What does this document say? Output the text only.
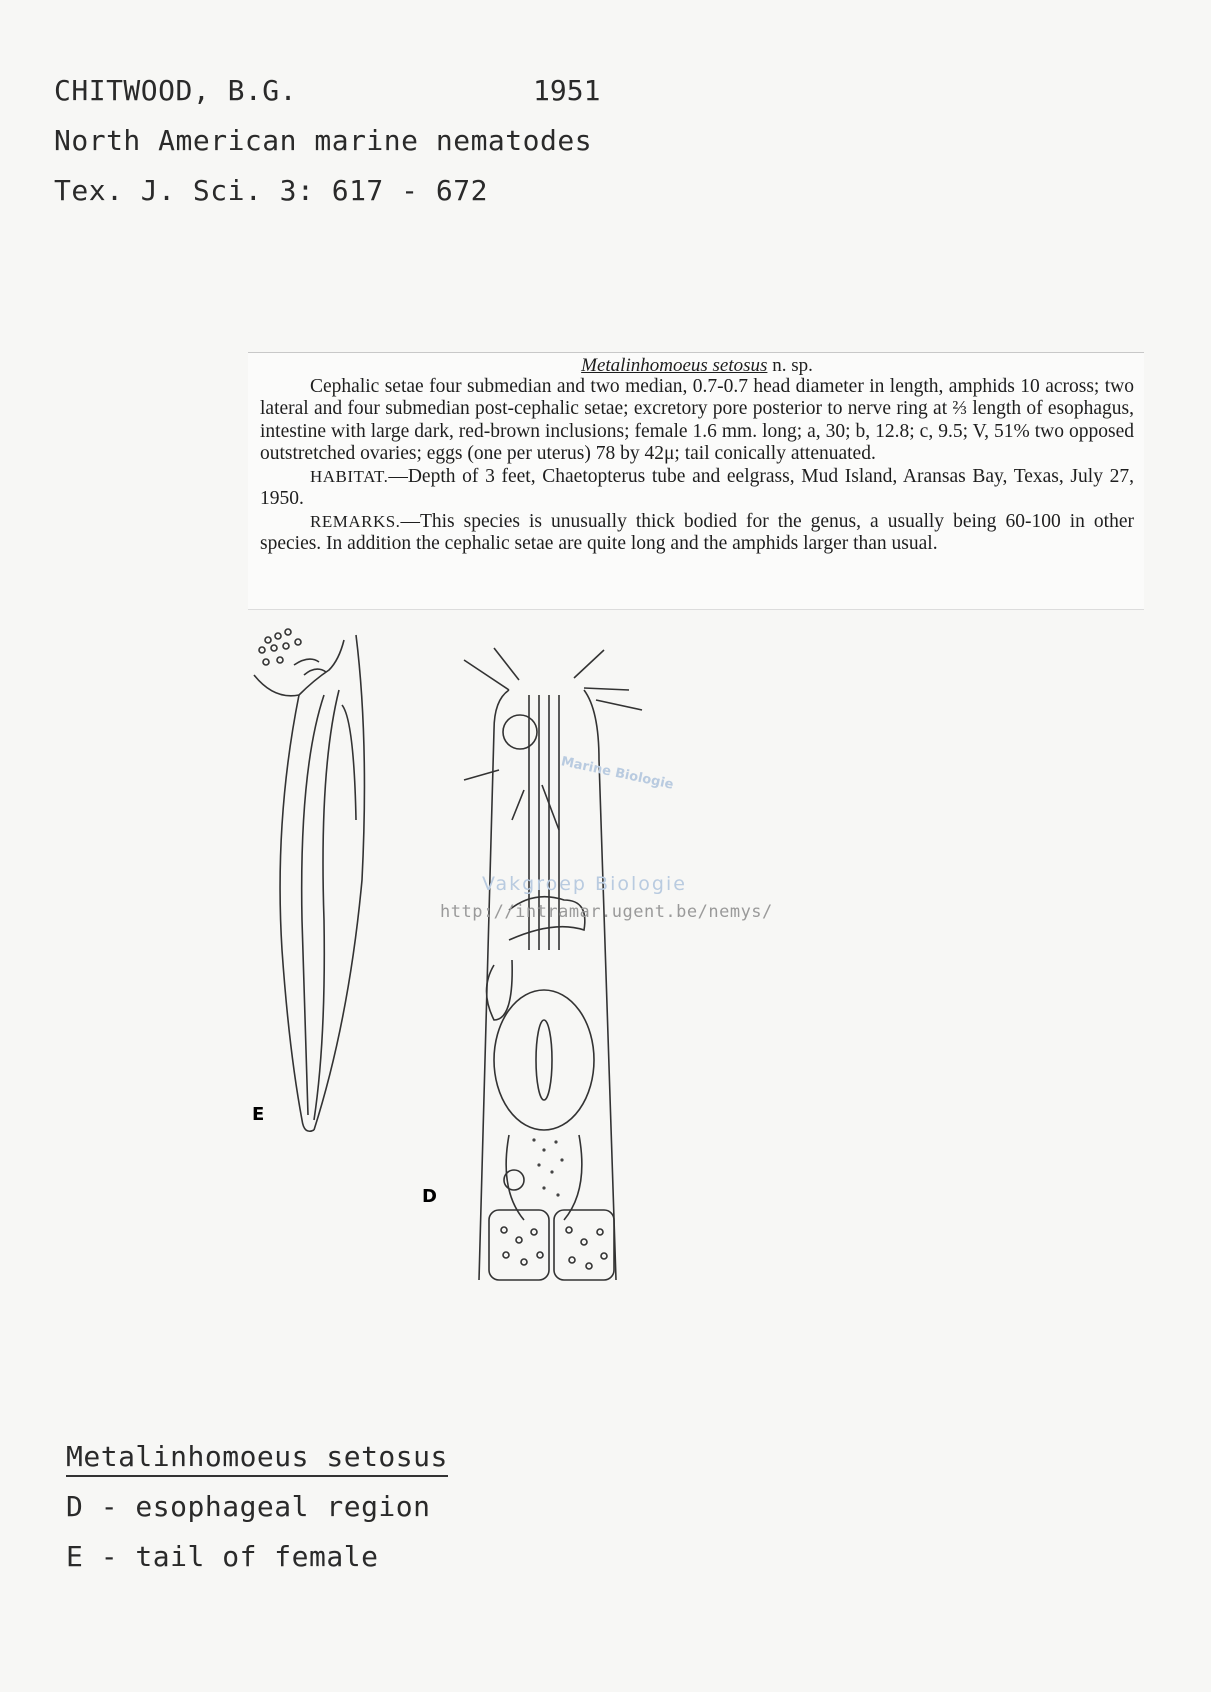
CHITWOOD, B.G.	1951
North American marine nematodes
Tex. J. Sci. 3: 617 - 672
Metalinhomoeus setosus n. sp.

Cephalic setae four submedian and two median, 0.7-0.7 head diameter in length, amphids 10 across; two lateral and four submedian post-cephalic setae; excretory pore posterior to nerve ring at ⅔ length of esophagus, intestine with large dark, red-brown inclusions; female 1.6 mm. long; a, 30; b, 12.8; c, 9.5; V, 51% two opposed outstretched ovaries; eggs (one per uterus) 78 by 42μ; tail conically attenuated.

HABITAT.—Depth of 3 feet, Chaetopterus tube and eelgrass, Mud Island, Aransas Bay, Texas, July 27, 1950.

REMARKS.—This species is unusually thick bodied for the genus, a usually being 60-100 in other species. In addition the cephalic setae are quite long and the amphids larger than usual.

E
D
Marine Biologie
Vakgroep Biologie
http://intramar.ugent.be/nemys/
Metalinhomoeus setosus
D - esophageal region
E - tail of female
